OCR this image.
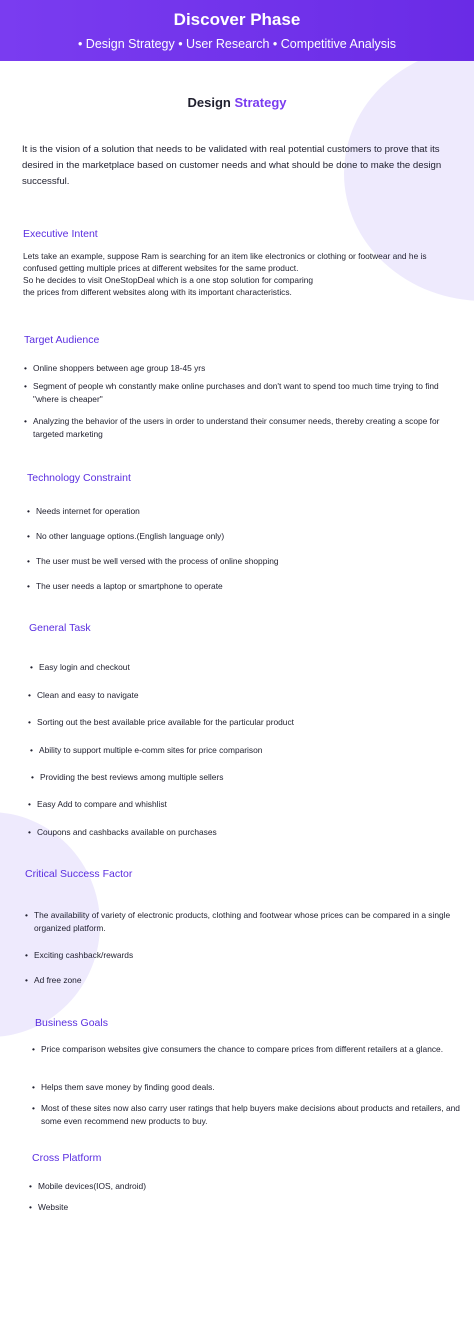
Discover Phase
• Design Strategy • User Research • Competitive Analysis
Design Strategy
It is the vision of a solution that needs to be validated with real potential customers to prove that its desired in the marketplace based on customer needs and what should be done to make the design successful.
Executive Intent
Lets take an example, suppose Ram is searching for an item like electronics or clothing or footwear and he is confused getting multiple prices at different websites for the same product.
So he decides to visit OneStopDeal which is a one stop solution for comparing
the prices from different websites along with its important characteristics.
Target Audience
• Online shoppers between age group 18-45 yrs
• Segment of people wh constantly make online purchases and don't want to spend too much time trying to find "where is cheaper"
• Analyzing the behavior of the users in order to understand their consumer needs, thereby creating a scope for targeted marketing
Technology Constraint
• Needs internet for operation
• No other language options.(English language only)
• The user must be well versed with the process of online shopping
• The user needs a laptop or smartphone to operate
General Task
• Easy login and checkout
• Clean and easy to navigate
• Sorting out the best available price available for the particular product
• Ability to support multiple e-comm sites for price comparison
• Providing the best reviews among multiple sellers
• Easy Add to compare and whishlist
• Coupons and cashbacks available on purchases
Critical Success Factor
• The availability of variety of electronic products, clothing and footwear whose prices can be compared in a single organized platform.
• Exciting cashback/rewards
• Ad free zone
Business Goals
• Price comparison websites give consumers the chance to compare prices from different retailers at a glance.
• Helps them save money by finding good deals.
• Most of these sites now also carry user ratings that help buyers make decisions about products and retailers, and some even recommend new products to buy.
Cross Platform
• Mobile devices(IOS, android)
• Website
